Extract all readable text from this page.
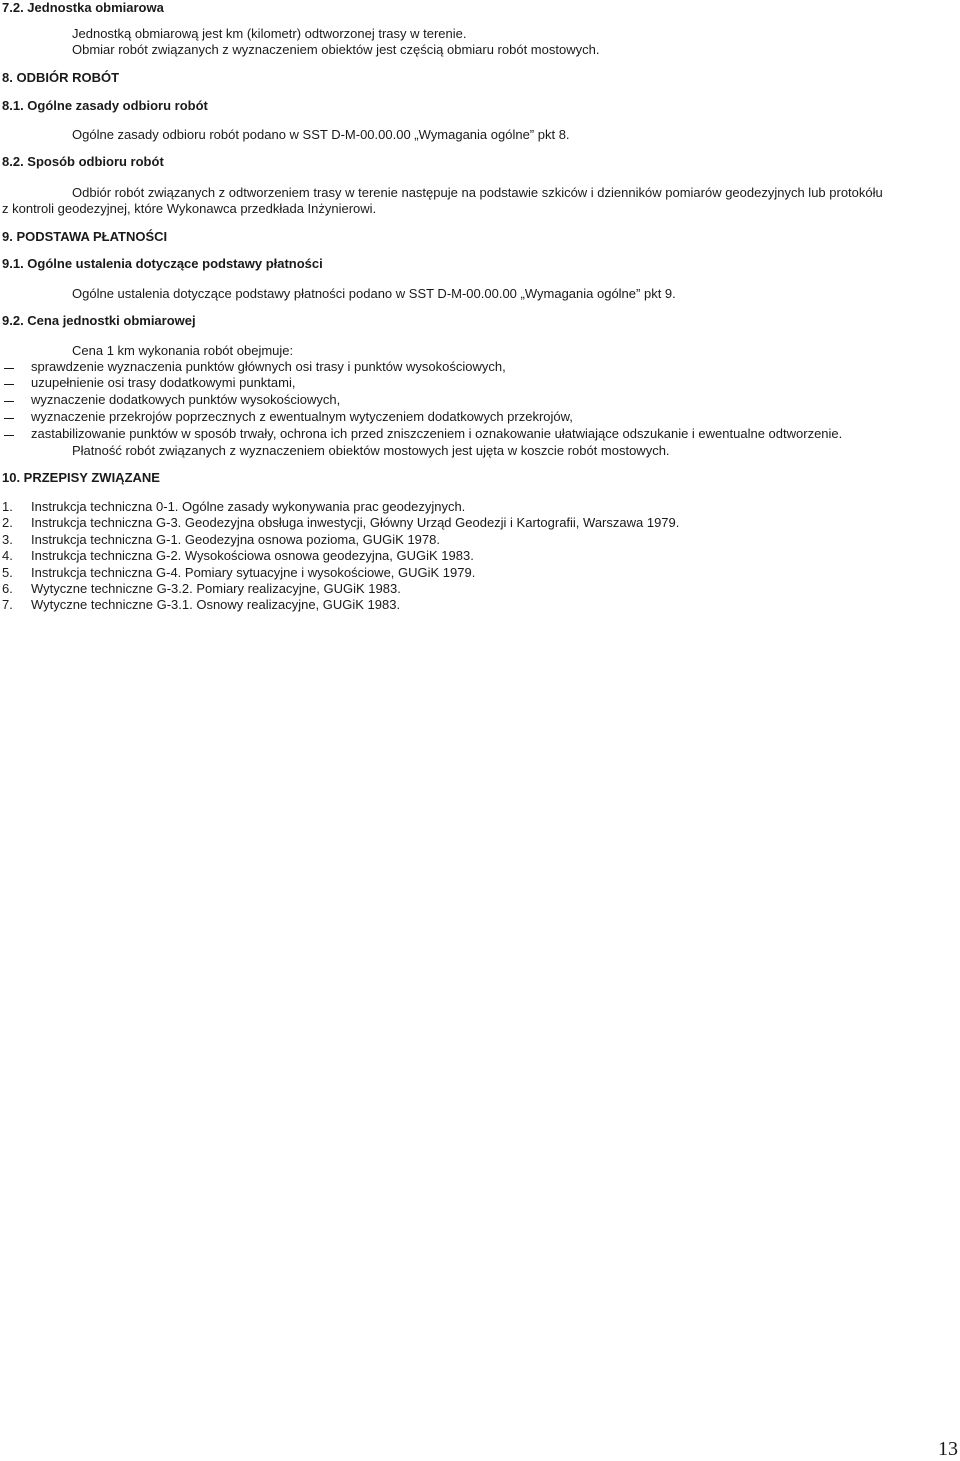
7.2. Jednostka obmiarowa
Jednostką obmiarową jest km (kilometr) odtworzonej trasy w terenie.
Obmiar robót związanych z wyznaczeniem obiektów jest częścią obmiaru robót mostowych.
8. ODBIÓR ROBÓT
8.1. Ogólne zasady odbioru robót
Ogólne zasady odbioru robót podano w SST D-M-00.00.00 „Wymagania ogólne” pkt 8.
8.2. Sposób odbioru robót
Odbiór robót związanych z odtworzeniem trasy w terenie następuje na podstawie szkiców i dzienników pomiarów geodezyjnych lub protokółu
z kontroli geodezyjnej, które Wykonawca przedkłada Inżynierowi.
9. PODSTAWA PŁATNOŚCI
9.1. Ogólne ustalenia dotyczące podstawy płatności
Ogólne ustalenia dotyczące podstawy płatności podano w SST D-M-00.00.00 „Wymagania ogólne” pkt 9.
9.2. Cena jednostki obmiarowej
Cena 1 km wykonania robót obejmuje:
sprawdzenie wyznaczenia punktów głównych osi trasy i punktów wysokościowych,
uzupełnienie osi trasy dodatkowymi punktami,
wyznaczenie dodatkowych punktów wysokościowych,
wyznaczenie przekrojów poprzecznych z ewentualnym wytyczeniem dodatkowych przekrojów,
zastabilizowanie punktów w sposób trwały, ochrona ich przed zniszczeniem i oznakowanie ułatwiające odszukanie i ewentualne odtworzenie.
Płatność robót związanych z wyznaczeniem obiektów mostowych jest ujęta w koszcie robót mostowych.
10. PRZEPISY ZWIĄZANE
1. Instrukcja techniczna 0-1. Ogólne zasady wykonywania prac geodezyjnych.
2. Instrukcja techniczna G-3. Geodezyjna obsługa inwestycji, Główny Urząd Geodezji i Kartografii, Warszawa 1979.
3. Instrukcja techniczna G-1. Geodezyjna osnowa pozioma, GUGiK 1978.
4. Instrukcja techniczna G-2. Wysokościowa osnowa geodezyjna, GUGiK 1983.
5. Instrukcja techniczna G-4. Pomiary sytuacyjne i wysokościowe, GUGiK 1979.
6. Wytyczne techniczne G-3.2. Pomiary realizacyjne, GUGiK 1983.
7. Wytyczne techniczne G-3.1. Osnowy realizacyjne, GUGiK 1983.
13
